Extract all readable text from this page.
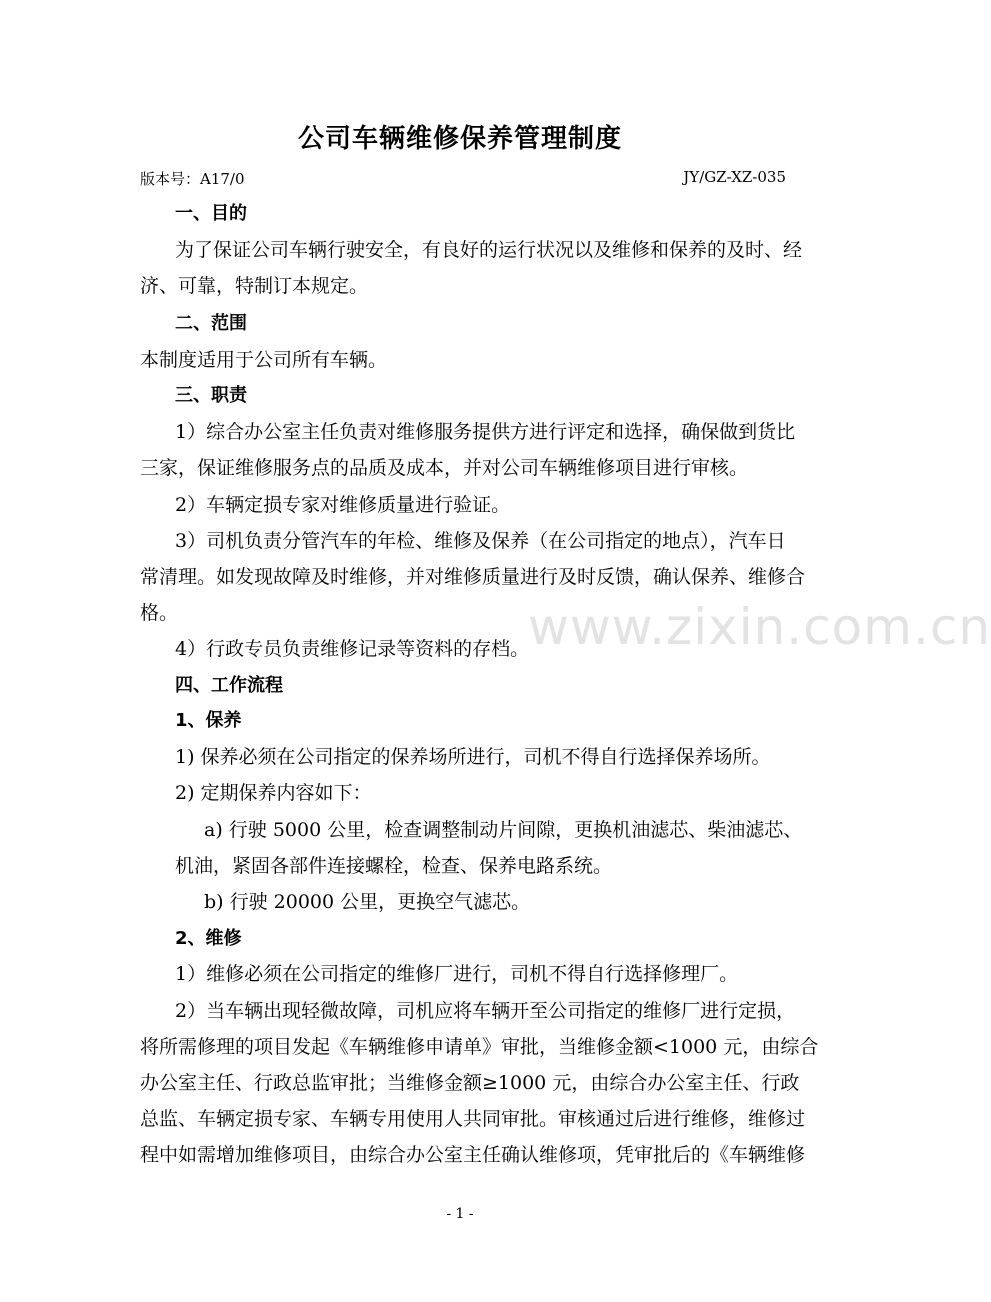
公司车辆维修保养管理制度
版本号：A17/0	JY/GZ-XZ-035
一、目的
为了保证公司车辆行驶安全，有良好的运行状况以及维修和保养的及时、经
济、可靠，特制订本规定。
二、范围
本制度适用于公司所有车辆。
三、职责
1）综合办公室主任负责对维修服务提供方进行评定和选择，确保做到货比
三家，保证维修服务点的品质及成本，并对公司车辆维修项目进行审核。
2）车辆定损专家对维修质量进行验证。
3）司机负责分管汽车的年检、维修及保养（在公司指定的地点），汽车日
常清理。如发现故障及时维修，并对维修质量进行及时反馈，确认保养、维修合
格。
4）行政专员负责维修记录等资料的存档。
四、工作流程
1、保养
1) 保养必须在公司指定的保养场所进行，司机不得自行选择保养场所。
2) 定期保养内容如下：
a) 行驶 5000 公里，检查调整制动片间隙，更换机油滤芯、柴油滤芯、
机油，紧固各部件连接螺栓，检查、保养电路系统。
b) 行驶 20000 公里，更换空气滤芯。
2、维修
1）维修必须在公司指定的维修厂进行，司机不得自行选择修理厂。
2）当车辆出现轻微故障，司机应将车辆开至公司指定的维修厂进行定损，
将所需修理的项目发起《车辆维修申请单》审批，当维修金额<1000 元，由综合
办公室主任、行政总监审批；当维修金额≥1000 元，由综合办公室主任、行政
总监、车辆定损专家、车辆专用使用人共同审批。审核通过后进行维修，维修过
程中如需增加维修项目，由综合办公室主任确认维修项，凭审批后的《车辆维修
www.zixin.com.cn
- 1 -
